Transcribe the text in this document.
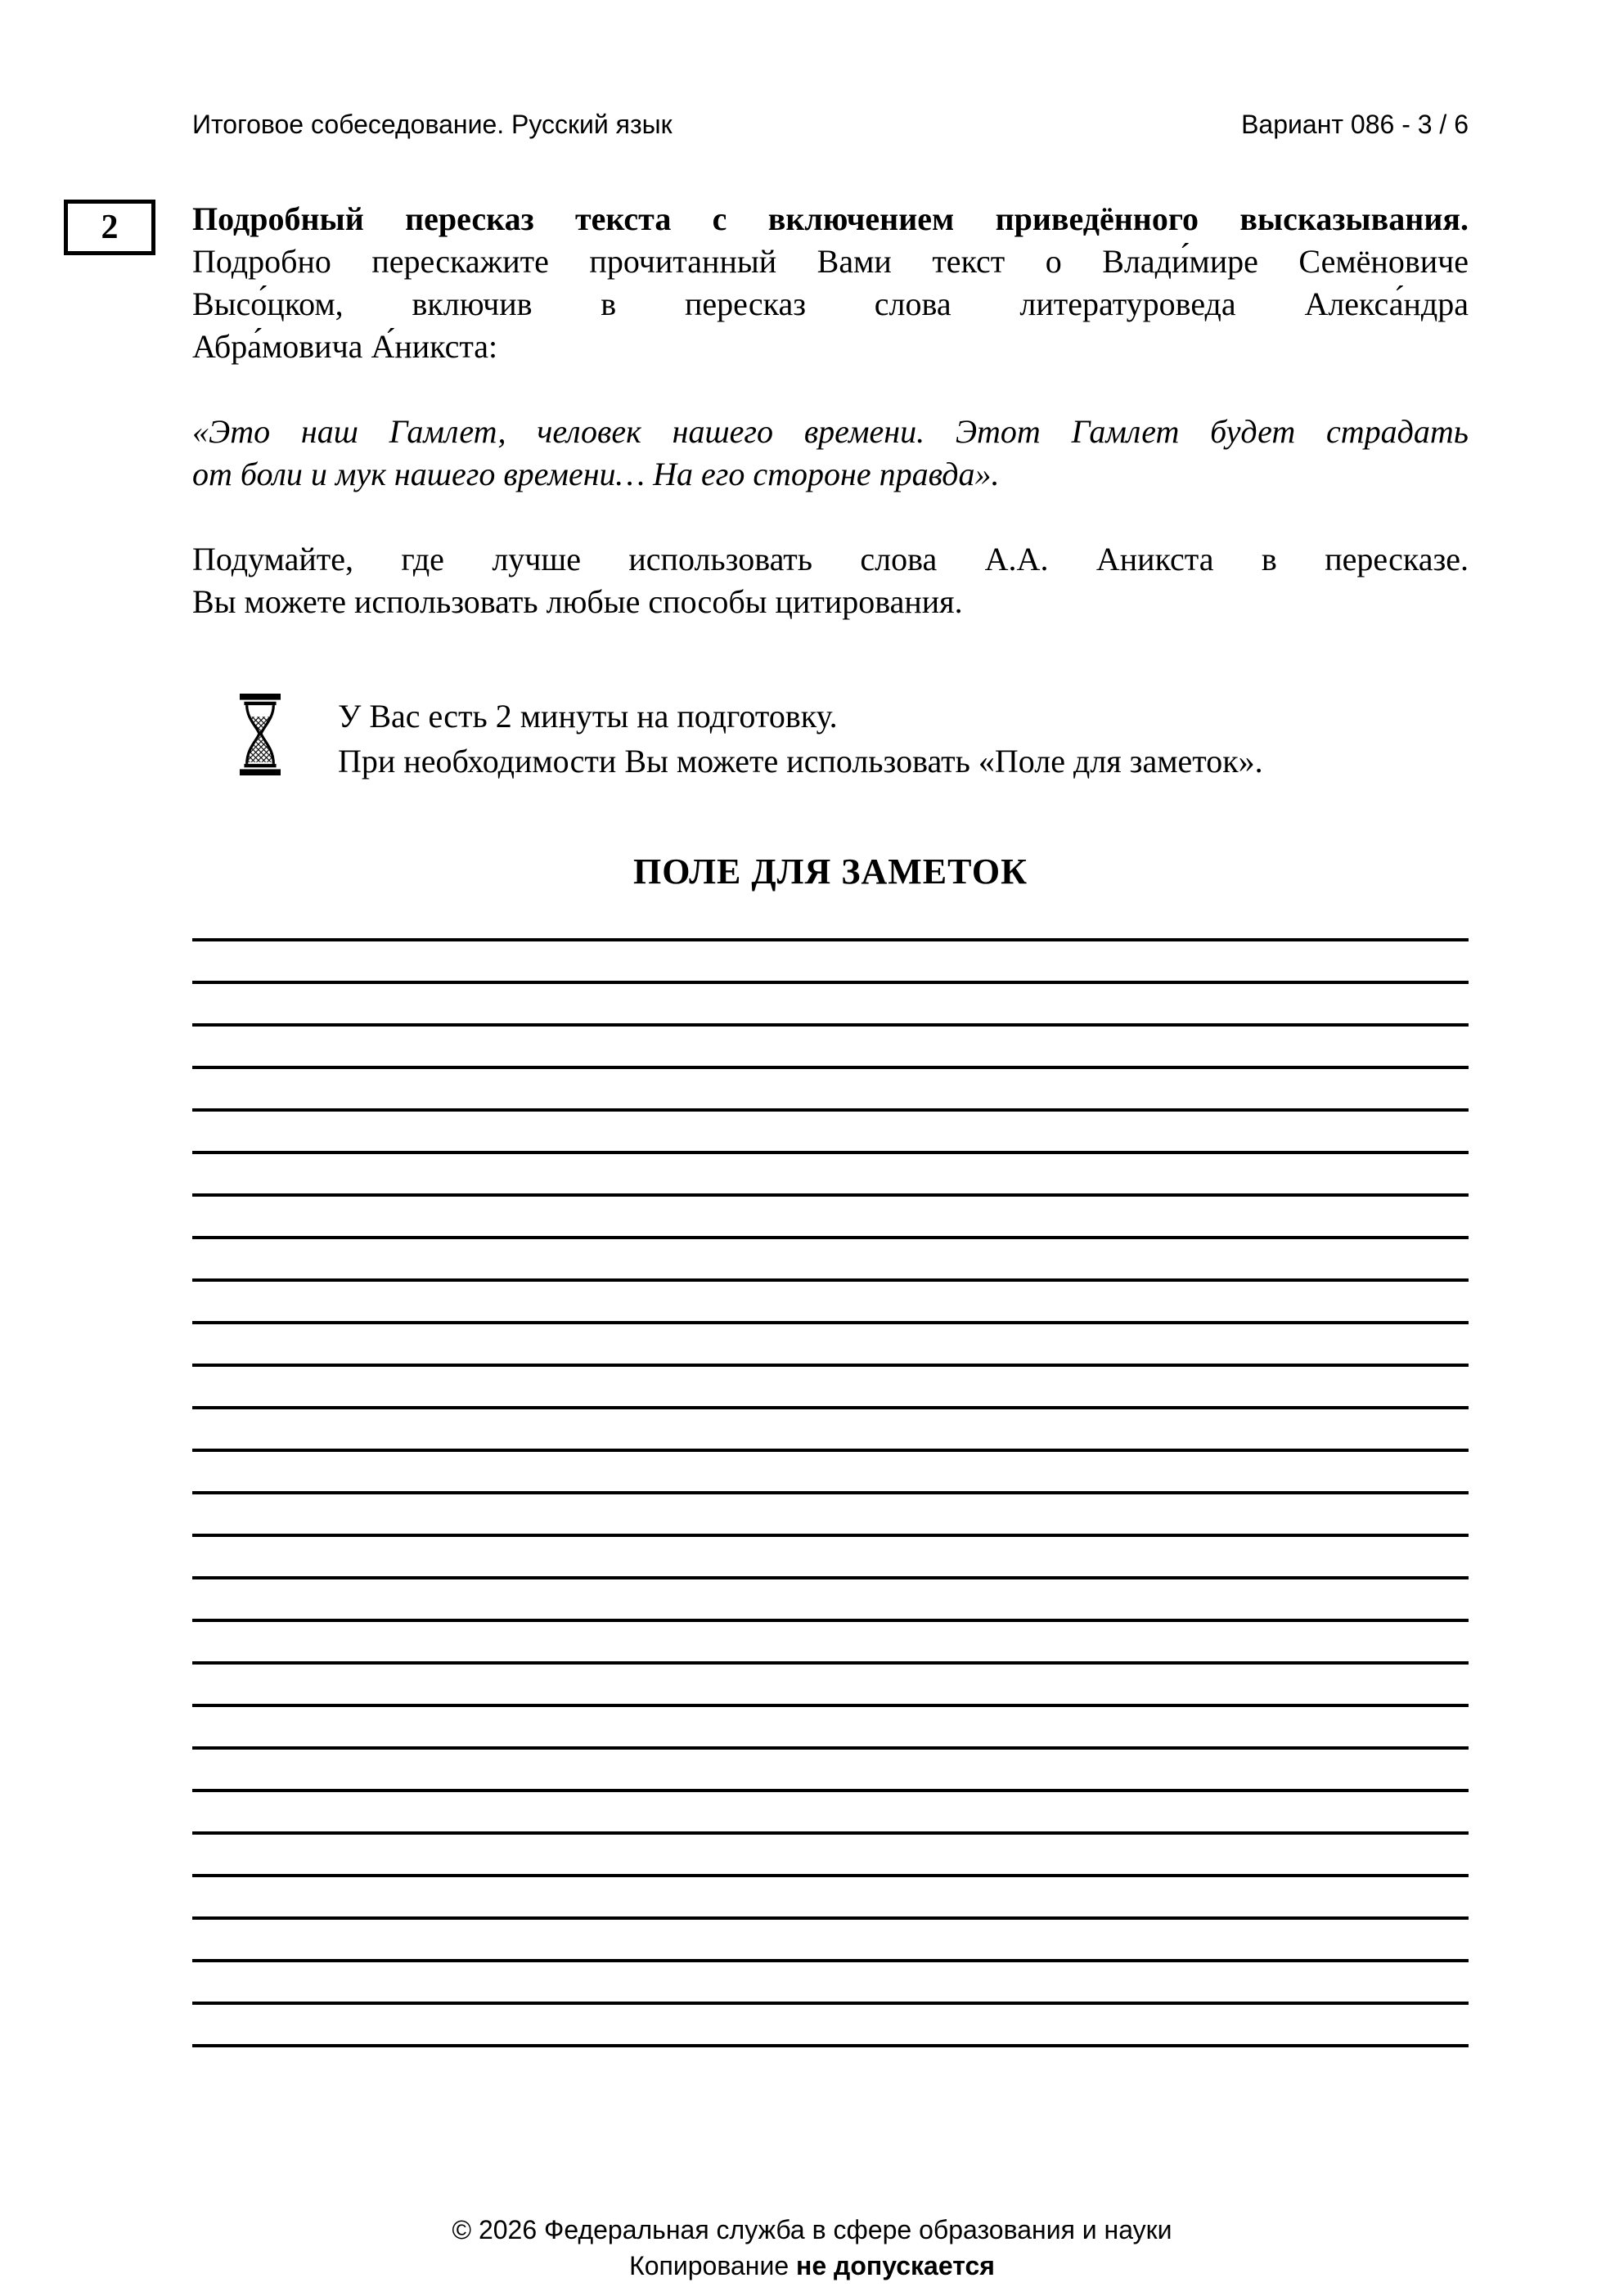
Итоговое собеседование. Русский язык	Вариант 086 - 3 / 6
2 Подробный пересказ текста с включением приведённого высказывания.
Подробно перескажите прочитанный Вами текст о Влади́мире Семёновиче
Высо́цком, включив в пересказ слова литературоведа Алекса́ндра
Абра́мовича А́никста:
«Это наш Гамлет, человек нашего времени. Этот Гамлет будет страдать
от боли и мук нашего времени… На его стороне правда».
Подумайте, где лучше использовать слова А.А. Аникста в пересказе.
Вы можете использовать любые способы цитирования.
У Вас есть 2 минуты на подготовку.
При необходимости Вы можете использовать «Поле для заметок».
ПОЛЕ ДЛЯ ЗАМЕТОК
© 2026 Федеральная служба в сфере образования и науки
Копирование не допускается
